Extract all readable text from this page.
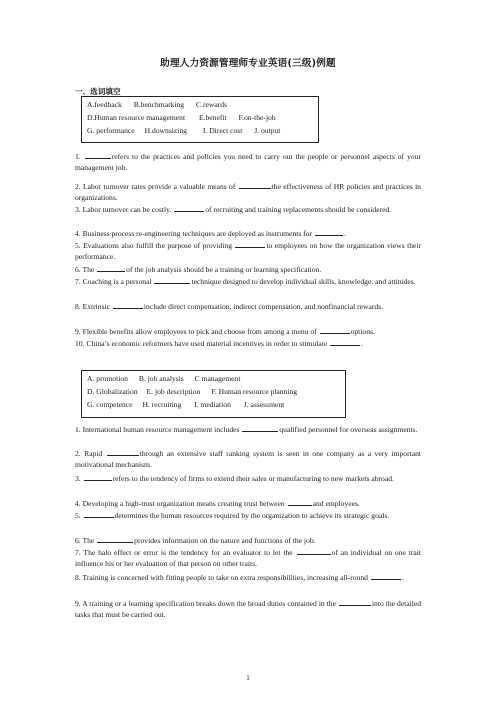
助理人力资源管理师专业英语(三级)例题
一、选词填空
A.feedback B.benchmarking C.rewards
D.Human resource management E.benefit F.on-the-job
G. performance H.downsizing I. Direct cost J. output
1.	refers to the practices and policies you need to carry out the people or personnel aspects of your management job.
2. Labor turnover rates provide a valuable means of	the effectiveness of HR policies and practices in organizations.
3. Labor turnover can be costly.	of recruiting and training replacements should be considered.
4. Business process re-engineering techniques are deployed as instruments for	.
5. Evaluations also fulfill the purpose of providing	to employees on how the organization views their performance.
6. The	of the job analysis should be a training or learning specification.
7. Coaching is a personal	technique designed to develop individual skills, knowledge, and attitudes.
8. Extrinsic	include direct compensation, indirect compensation, and nonfinancial rewards.
9. Flexible benefits allow employees to pick and choose from among a menu of	options.
10. China’s economic reformers have used material incentives in order to stimulate	.
A. promotion B. job analysis C management
D. Globalization E. job description F. Human resource planning
G. competence H. recruiting I. mediation J. assessment
1. International human resource management includes	qualified personnel for overseas assignments.
2. Rapid	through an extensive staff ranking system is seen in one company as a very important motivational mechanism.
3.	refers to the tendency of firms to extend their sales or manufacturing to new markets abroad.
4. Developing a high-trust organization means creating trust between	and employees.
5.	determines the human resources required by the organization to achieve its strategic goals.
6. The	provides information on the nature and functions of the job.
7. The halo effect or error is the tendency for an evaluator to let the	of an individual on one trait influence his or her evaluation of that person on other traits.
8. Training is concerned with fitting people to take on extra responsibilities, increasing all-round	.
9. A training or a learning specification breaks down the broad duties contained in the	into the detailed tasks that must be carried out.
1
